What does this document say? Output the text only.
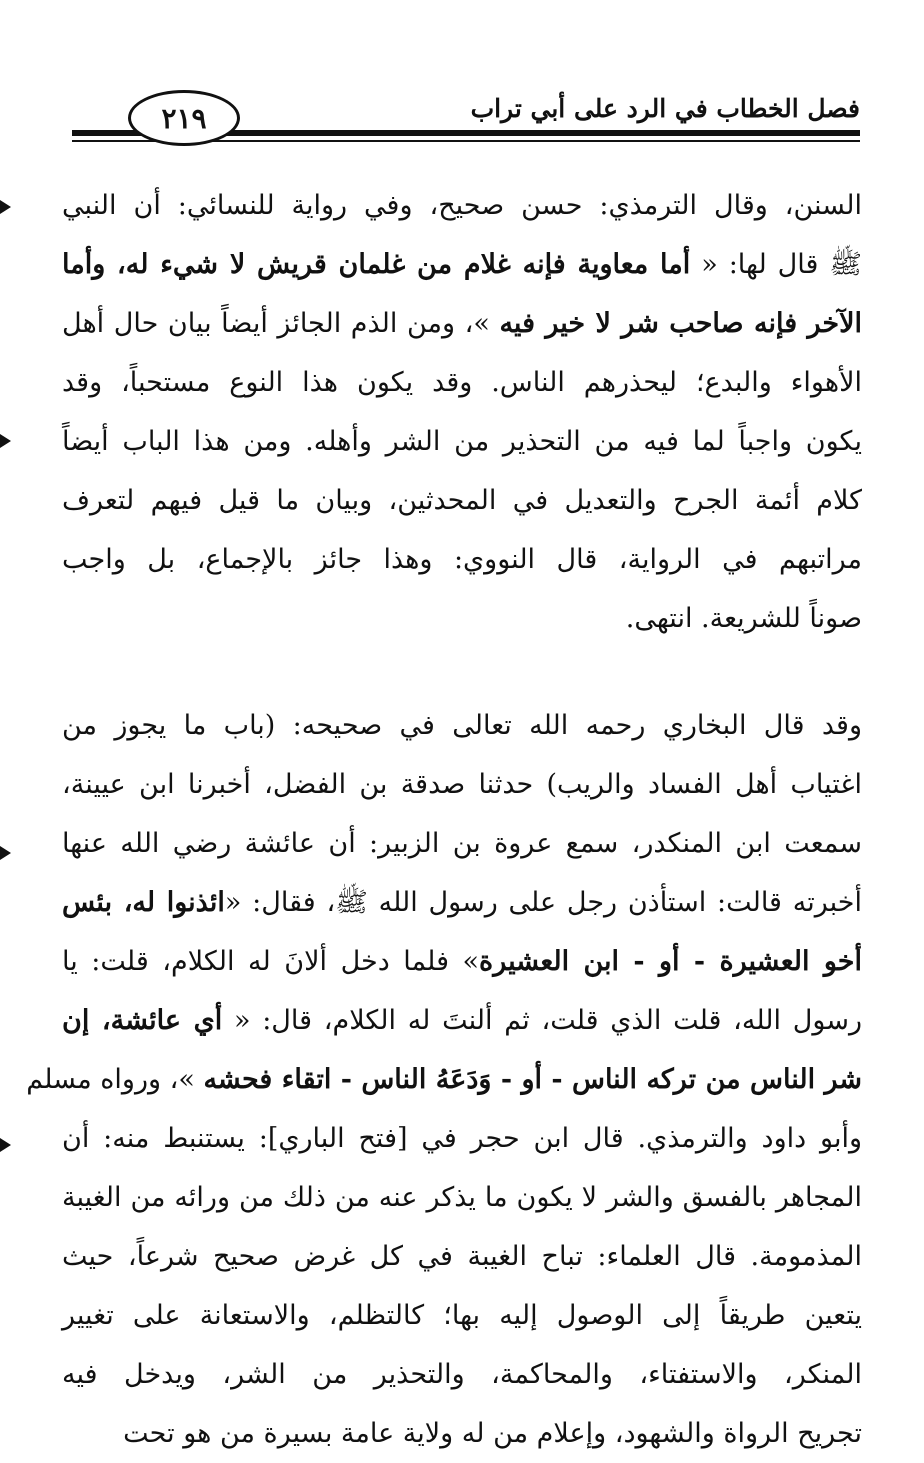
فصل الخطاب في الرد على أبي تراب
٢١٩
السنن، وقال الترمذي: حسن صحيح، وفي رواية للنسائي: أن النبي
ﷺ قال لها: « أما معاوية فإنه غلام من غلمان قريش لا شيء له، وأما
الآخر فإنه صاحب شر لا خير فيه »، ومن الذم الجائز أيضاً بيان حال أهل
الأهواء والبدع؛ ليحذرهم الناس. وقد يكون هذا النوع مستحباً، وقد
يكون واجباً لما فيه من التحذير من الشر وأهله. ومن هذا الباب أيضاً
كلام أئمة الجرح والتعديل في المحدثين، وبيان ما قيل فيهم لتعرف
مراتبهم في الرواية، قال النووي: وهذا جائز بالإجماع، بل واجب
صوناً للشريعة. انتهى.
وقد قال البخاري رحمه الله تعالى في صحيحه: (باب ما يجوز من
اغتياب أهل الفساد والريب) حدثنا صدقة بن الفضل، أخبرنا ابن عيينة،
سمعت ابن المنكدر، سمع عروة بن الزبير: أن عائشة رضي الله عنها
أخبرته قالت: استأذن رجل على رسول الله ﷺ، فقال: «ائذنوا له، بئس
أخو العشيرة - أو - ابن العشيرة» فلما دخل ألانَ له الكلام، قلت: يا
رسول الله، قلت الذي قلت، ثم ألنتَ له الكلام، قال: « أي عائشة، إن
شر الناس من تركه الناس - أو - وَدَعَهُ الناس - اتقاء فحشه »، ورواه مسلم
وأبو داود والترمذي. قال ابن حجر في [فتح الباري]: يستنبط منه: أن
المجاهر بالفسق والشر لا يكون ما يذكر عنه من ذلك من ورائه من الغيبة
المذمومة. قال العلماء: تباح الغيبة في كل غرض صحيح شرعاً، حيث
يتعين طريقاً إلى الوصول إليه بها؛ كالتظلم، والاستعانة على تغيير
المنكر، والاستفتاء، والمحاكمة، والتحذير من الشر، ويدخل فيه
تجريح الرواة والشهود، وإعلام من له ولاية عامة بسيرة من هو تحت
